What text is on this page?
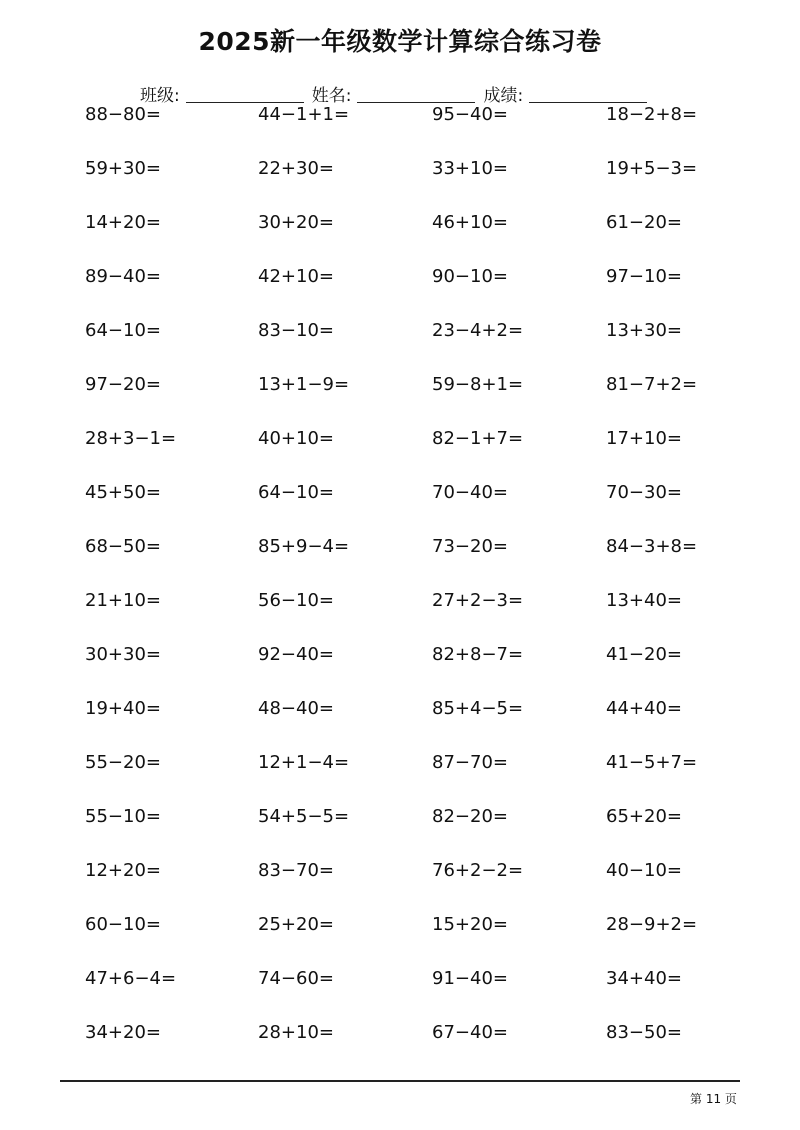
2025新一年级数学计算综合练习卷
班级:	姓名:	成绩:
88−80=	44−1+1=	95−40=	18−2+8=
59+30=	22+30=	33+10=	19+5−3=
14+20=	30+20=	46+10=	61−20=
89−40=	42+10=	90−10=	97−10=
64−10=	83−10=	23−4+2=	13+30=
97−20=	13+1−9=	59−8+1=	81−7+2=
28+3−1=	40+10=	82−1+7=	17+10=
45+50=	64−10=	70−40=	70−30=
68−50=	85+9−4=	73−20=	84−3+8=
21+10=	56−10=	27+2−3=	13+40=
30+30=	92−40=	82+8−7=	41−20=
19+40=	48−40=	85+4−5=	44+40=
55−20=	12+1−4=	87−70=	41−5+7=
55−10=	54+5−5=	82−20=	65+20=
12+20=	83−70=	76+2−2=	40−10=
60−10=	25+20=	15+20=	28−9+2=
47+6−4=	74−60=	91−40=	34+40=
34+20=	28+10=	67−40=	83−50=
第 11 页
